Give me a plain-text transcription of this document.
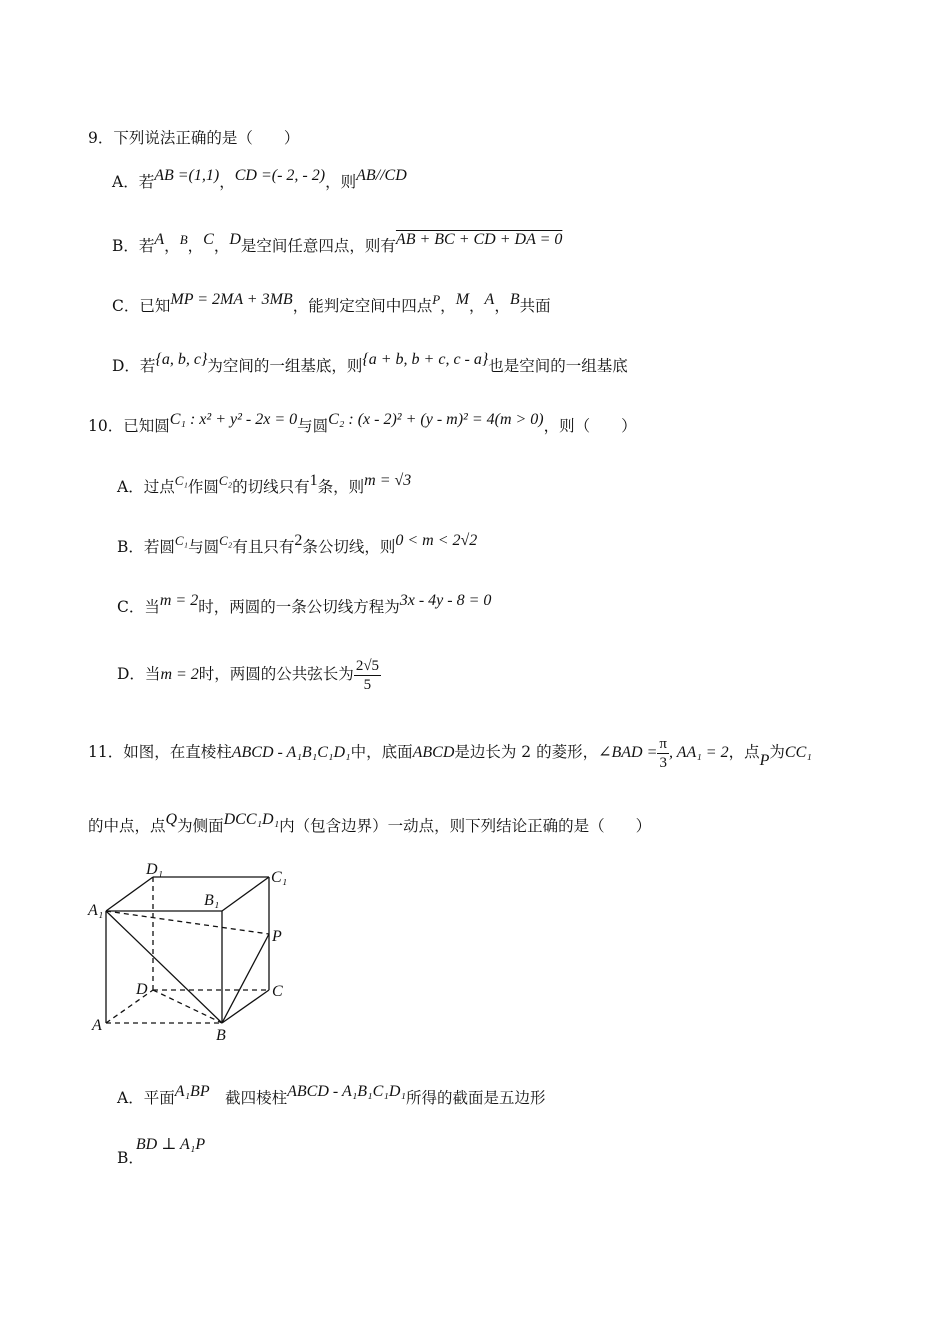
9．下列说法正确的是（　　）
A．若AB =(1,1)，CD =(- 2, - 2)，则AB//CD
B．若A，$^B$，C，D是空间任意四点，则有AB + BC + CD + DA = 0
C．已知MP = 2MA + 3MB，能判定空间中四点$^P$，M，A，B共面
D．若{a, b, c}为空间的一组基底，则{a + b, b + c, c - a}也是空间的一组基底
10．已知圆C₁ : x² + y² - 2x = 0与圆C₂ : (x - 2)² + (y - m)² = 4(m > 0)，则（　　）
A．过点$^{C_1}$作圆$^{C_2}$的切线只有1条，则m = √3
B．若圆$^{C_1}$与圆$^{C_2}$有且只有2条公切线，则0 < m < 2√2
C．当m = 2时，两圆的一条公切线方程为3x - 4y - 8 = 0
D．当m = 2时，两圆的公共弦长为 $\frac{2√5}{5}$
11．如图，在直棱柱ABCD - A₁B₁C₁D₁中，底面ABCD是边长为 2 的菱形，∠BAD = $\frac{\pi}{3}$ , AA₁ = 2，点P为CC₁
的中点，点Q为侧面DCC₁D₁内（包含边界）一动点，则下列结论正确的是（　　）
D₁	C₁
B₁
A₁
P
D	C
A
B
A．平面A₁BP　 截四棱柱ABCD - A₁B₁C₁D₁所得的截面是五边形
B．BD ⊥ A₁P
